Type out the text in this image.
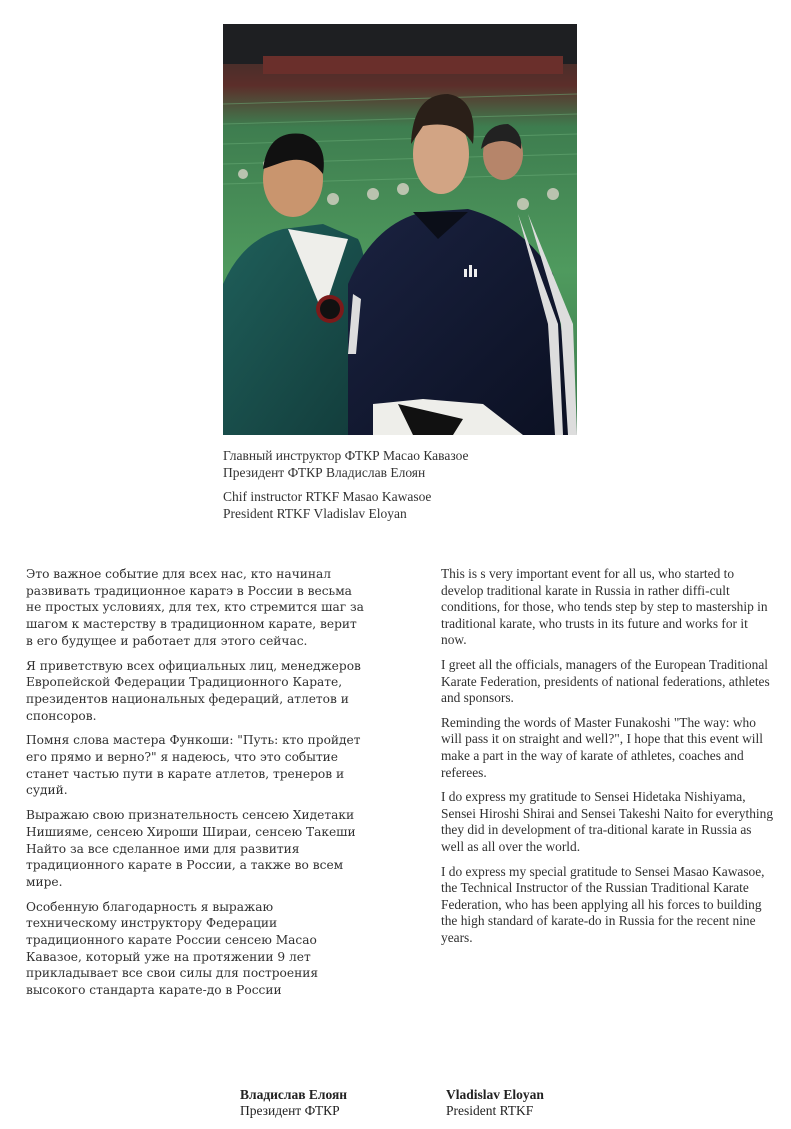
Главный инструктор ФТКР Масао Кавазое
Президент ФТКР Владислав Елоян
Chif instructor RTKF Masao Kawasoe
President RTKF Vladislav Eloyan

Это важное событие для всех нас, кто начинал развивать традиционное каратэ в России в весьма не простых условиях, для тех, кто стремится шаг за шагом к мастерству в традиционном карате, верит в его будущее и работает для этого сейчас.

Я приветствую всех официальных лиц, менеджеров Европейской Федерации Традиционного Карате, президентов национальных федераций, атлетов и спонсоров.

Помня слова мастера Функоши: "Путь: кто пройдет его прямо и верно?" я надеюсь, что это событие станет частью пути в карате атлетов, тренеров и судий.

Выражаю свою признательность сенсею Хидетаки Нишияме, сенсею Хироши Шираи, сенсею Такеши Найто за все сделанное ими для развития традиционного карате в России, а также во всем мире.

Особенную благодарность я выражаю техническому инструктору Федерации традиционного карате России сенсею Масао Кавазое, который уже на протяжении 9 лет прикладывает все свои силы для построения высокого стандарта карате-до в России

This is s very important event for all us, who started to develop traditional karate in Russia in rather diffi-cult conditions, for those, who tends step by step to mastership in traditional karate, who trusts in its future and works for it now.

I greet all the officials, managers of the European Traditional Karate Federation, presidents of national federations, athletes and sponsors.

Reminding the words of Master Funakoshi "The way: who will pass it on straight and well?", I hope that this event will make a part in the way of karate of athletes, coaches and referees.

I do express my gratitude to Sensei Hidetaka Nishiyama, Sensei Hiroshi Shirai and Sensei Takeshi Naito for everything they did in development of tra-ditional karate in Russia as well as all over the world.

I do express my special gratitude to Sensei Masao Kawasoe, the Technical Instructor of the Russian Traditional Karate Federation, who has been applying all his forces to building the high standard of karate-do in Russia for the recent nine years.

Владислав Елоян
Президент ФТКР
Vladislav Eloyan
President RTKF
